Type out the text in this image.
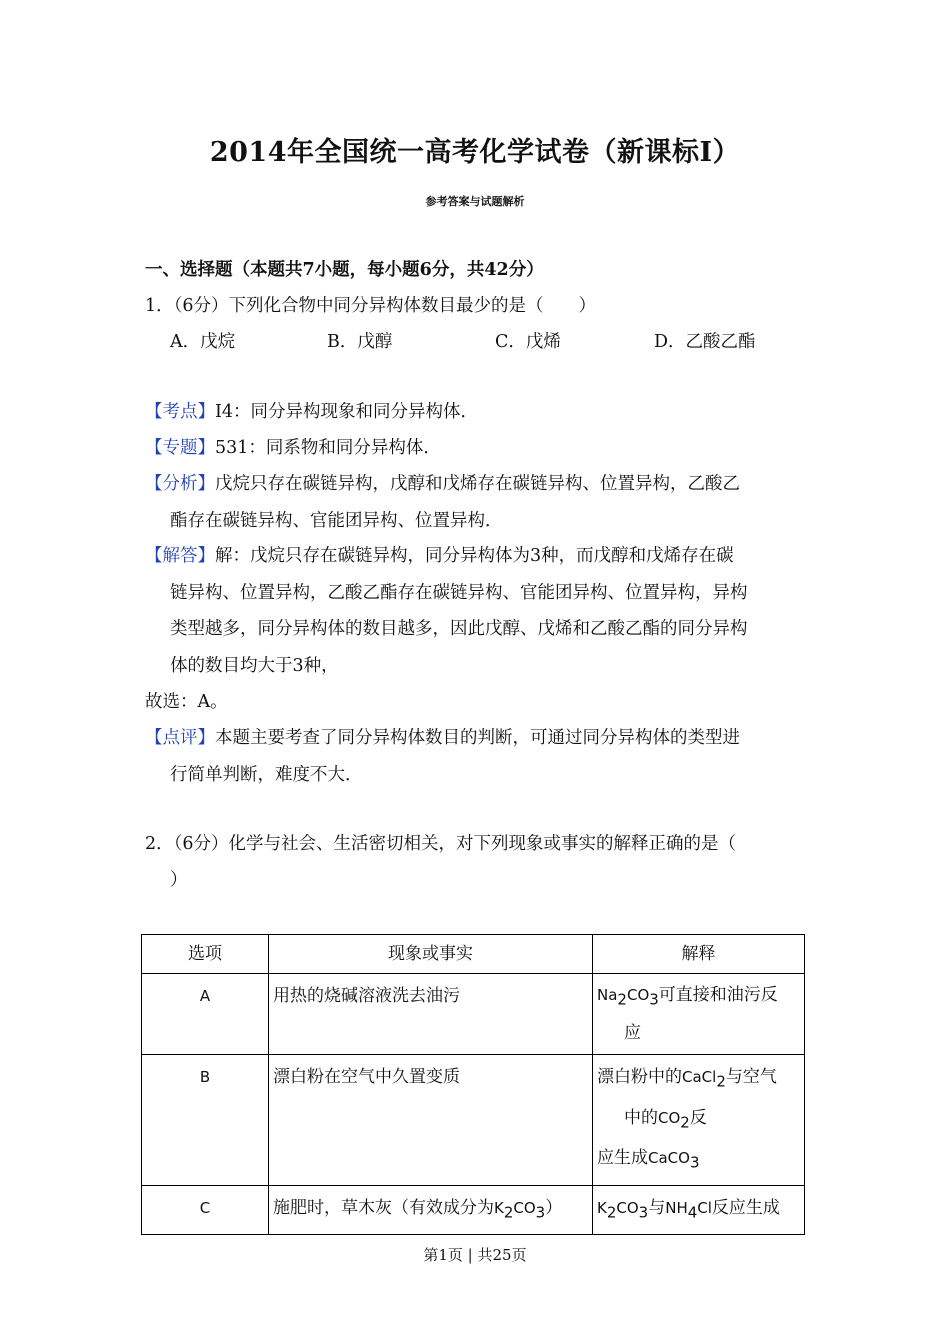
2014年全国统一高考化学试卷（新课标Ⅰ）
参考答案与试题解析
一、选择题（本题共7小题，每小题6分，共42分）
1．（6分）下列化合物中同分异构体数目最少的是（　　）
A．戊烷	B．戊醇	C．戊烯	D．乙酸乙酯
【考点】I4：同分异构现象和同分异构体．
【专题】531：同系物和同分异构体．
【分析】戊烷只存在碳链异构，戊醇和戊烯存在碳链异构、位置异构，乙酸乙
酯存在碳链异构、官能团异构、位置异构．
【解答】解：戊烷只存在碳链异构，同分异构体为3种，而戊醇和戊烯存在碳
链异构、位置异构，乙酸乙酯存在碳链异构、官能团异构、位置异构，异构
类型越多，同分异构体的数目越多，因此戊醇、戊烯和乙酸乙酯的同分异构
体的数目均大于3种，
故选：A。
【点评】本题主要考查了同分异构体数目的判断，可通过同分异构体的类型进
行简单判断，难度不大．
2．（6分）化学与社会、生活密切相关，对下列现象或事实的解释正确的是（
）
选项	现象或事实	解释
A	用热的烧碱溶液洗去油污	$Na_2CO_3$可直接和油污反
应

B	漂白粉在空气中久置变质	漂白粉中的CaCl$_2$与空气
中的$CO_2$反
应生成CaCO$_3$

C	施肥时，草木灰（有效成分为$K_2CO_3$）	$K_2CO_3$与$NH_4Cl$反应生成
第1页 | 共25页
